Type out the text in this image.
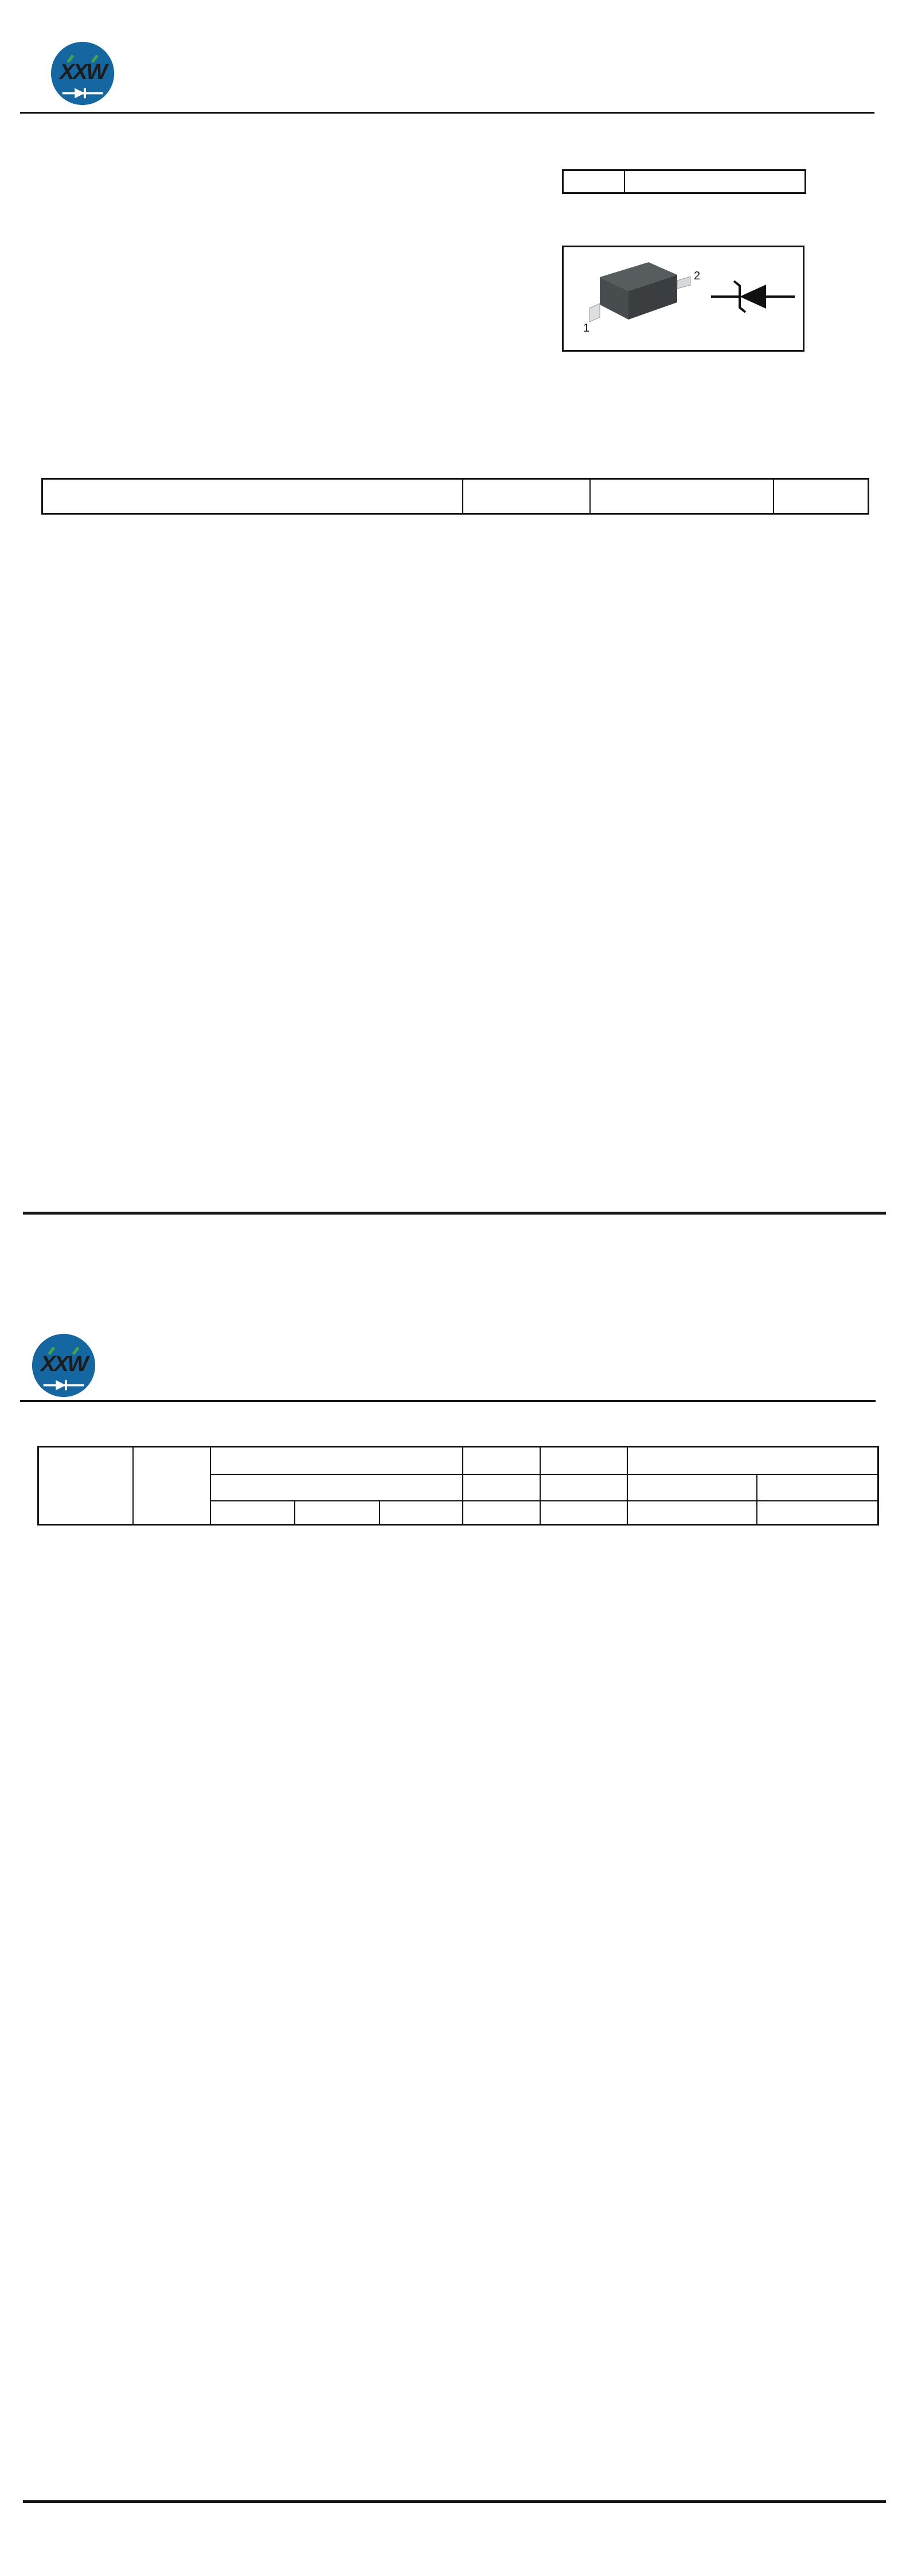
XXW

2
1

XXW
